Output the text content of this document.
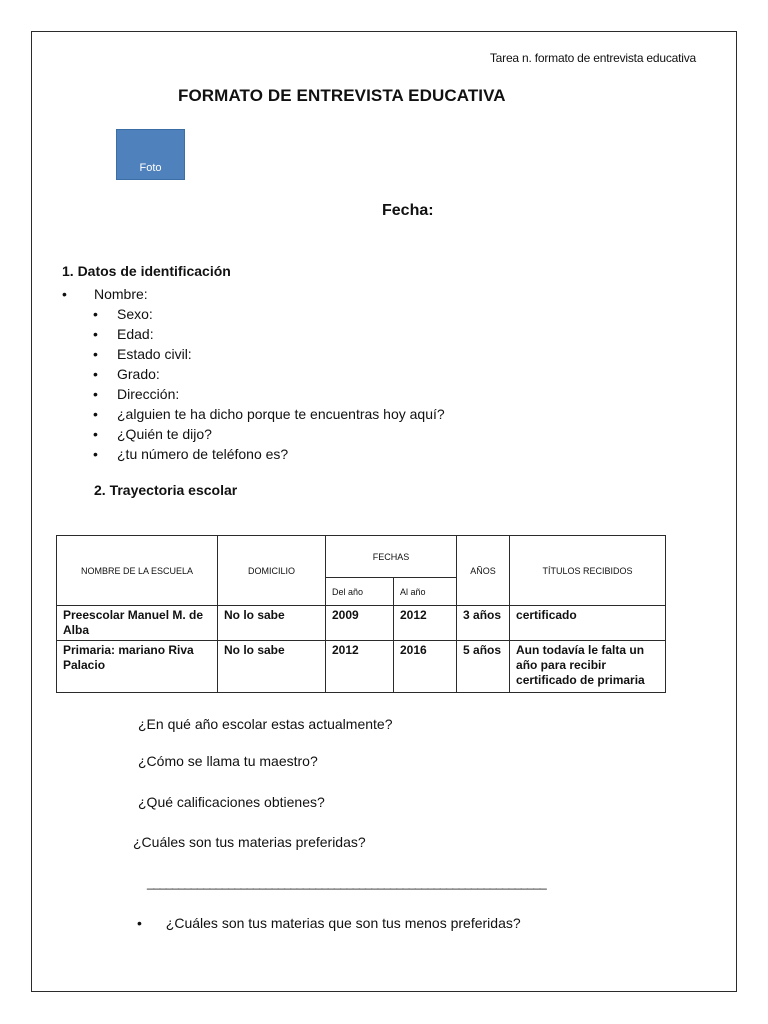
Tarea n. formato de entrevista educativa
FORMATO DE ENTREVISTA EDUCATIVA
Foto
Fecha:
1. Datos de identificación
• Nombre:
• Sexo:
• Edad:
• Estado civil:
• Grado:
• Dirección:
• ¿alguien te ha dicho porque te encuentras hoy aquí?
• ¿Quién te dijo?
• ¿tu número de teléfono es?
2. Trayectoria escolar
NOMBRE DE LA ESCUELA	DOMICILIO	FECHAS		AÑOS	TÍTULOS RECIBIDOS
		Del año	Al año		
Preescolar Manuel M. de Alba	No lo sabe	2009	2012	3 años	certificado
Primaria: mariano Riva Palacio	No lo sabe	2012	2016	5 años	Aun todavía le falta un año para recibir certificado de primaria
¿En qué año escolar estas actualmente?
¿Cómo se llama tu maestro?
¿Qué calificaciones obtienes?
¿Cuáles son tus materias preferidas?
________________________________________________________________
• ¿Cuáles son tus materias que son tus menos preferidas?
